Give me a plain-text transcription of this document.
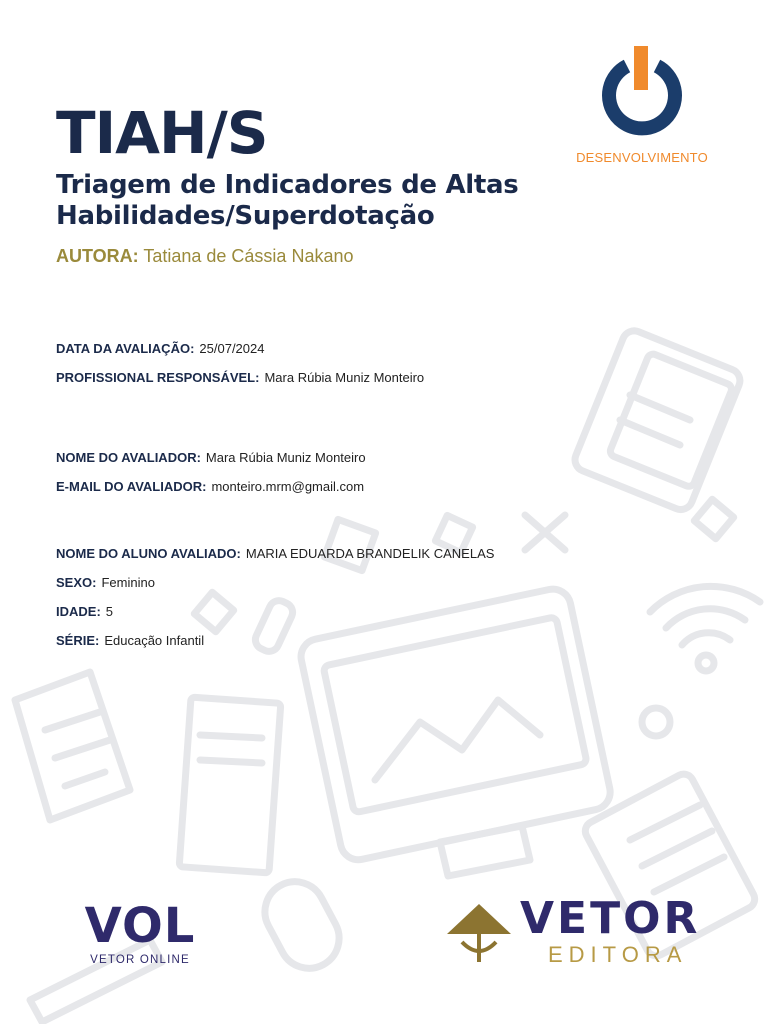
DESENVOLVIMENTO
TIAH/S
Triagem de Indicadores de Altas
Habilidades/Superdotação
AUTORA: Tatiana de Cássia Nakano
DATA DA AVALIAÇÃO: 25/07/2024
PROFISSIONAL RESPONSÁVEL: Mara Rúbia Muniz Monteiro
NOME DO AVALIADOR: Mara Rúbia Muniz Monteiro
E-MAIL DO AVALIADOR: monteiro.mrm@gmail.com
NOME DO ALUNO AVALIADO: MARIA EDUARDA BRANDELIK CANELAS
SEXO: Feminino
IDADE: 5
SÉRIE: Educação Infantil
VOL
VETOR ONLINE
VETOR
EDITORA
